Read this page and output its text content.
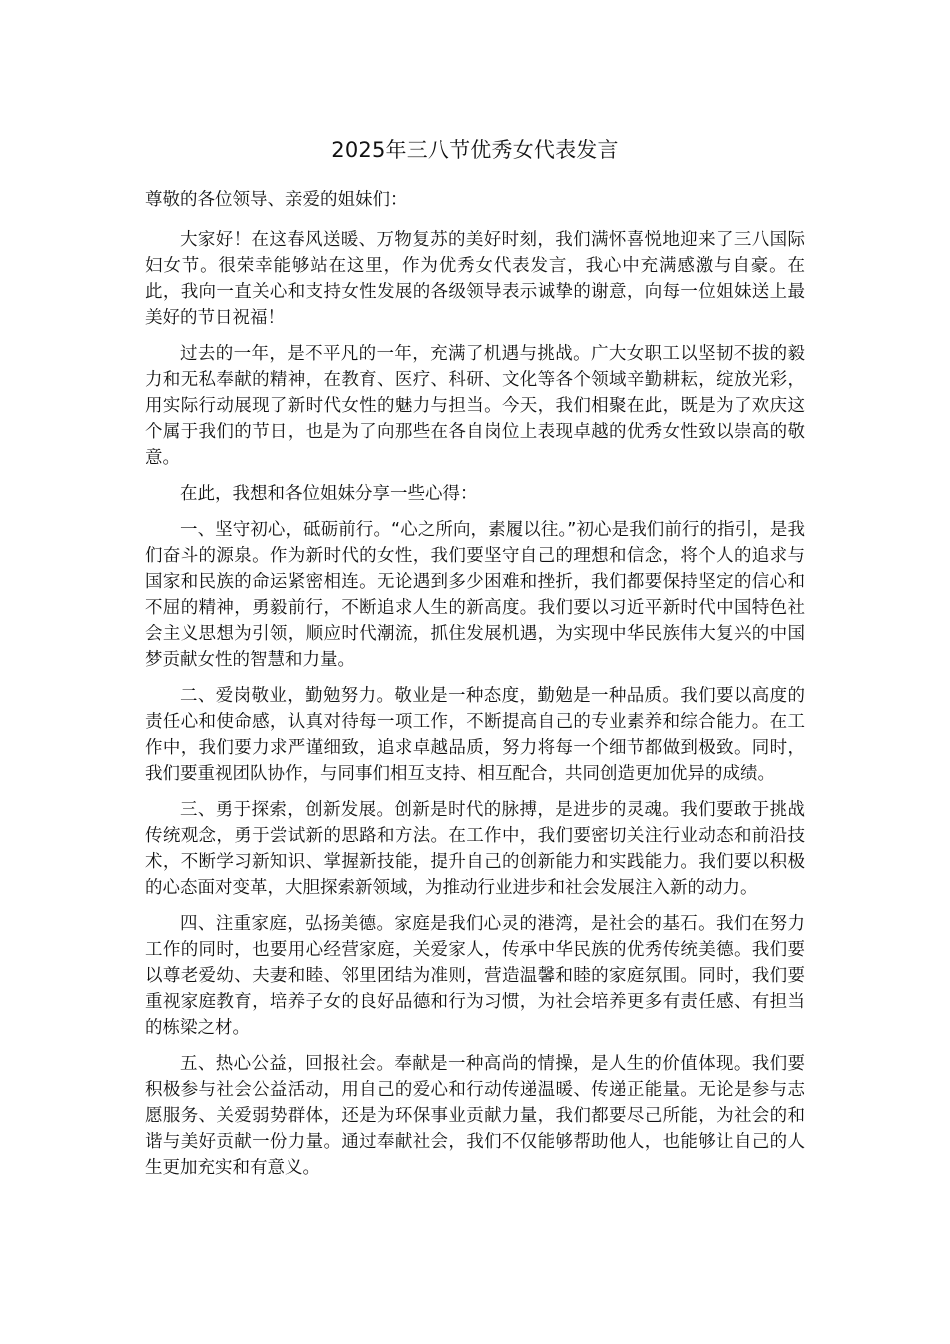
2025年三八节优秀女代表发言

尊敬的各位领导、亲爱的姐妹们：

大家好！在这春风送暖、万物复苏的美好时刻，我们满怀喜悦地迎来了三八国际妇女节。很荣幸能够站在这里，作为优秀女代表发言，我心中充满感激与自豪。在此，我向一直关心和支持女性发展的各级领导表示诚挚的谢意，向每一位姐妹送上最美好的节日祝福！

过去的一年，是不平凡的一年，充满了机遇与挑战。广大女职工以坚韧不拔的毅力和无私奉献的精神，在教育、医疗、科研、文化等各个领域辛勤耕耘，绽放光彩，用实际行动展现了新时代女性的魅力与担当。今天，我们相聚在此，既是为了欢庆这个属于我们的节日，也是为了向那些在各自岗位上表现卓越的优秀女性致以崇高的敬意。

在此，我想和各位姐妹分享一些心得：

一、坚守初心，砥砺前行。“心之所向，素履以往。”初心是我们前行的指引，是我们奋斗的源泉。作为新时代的女性，我们要坚守自己的理想和信念，将个人的追求与国家和民族的命运紧密相连。无论遇到多少困难和挫折，我们都要保持坚定的信心和不屈的精神，勇毅前行，不断追求人生的新高度。我们要以习近平新时代中国特色社会主义思想为引领，顺应时代潮流，抓住发展机遇，为实现中华民族伟大复兴的中国梦贡献女性的智慧和力量。

二、爱岗敬业，勤勉努力。敬业是一种态度，勤勉是一种品质。我们要以高度的责任心和使命感，认真对待每一项工作，不断提高自己的专业素养和综合能力。在工作中，我们要力求严谨细致，追求卓越品质，努力将每一个细节都做到极致。同时，我们要重视团队协作，与同事们相互支持、相互配合，共同创造更加优异的成绩。

三、勇于探索，创新发展。创新是时代的脉搏，是进步的灵魂。我们要敢于挑战传统观念，勇于尝试新的思路和方法。在工作中，我们要密切关注行业动态和前沿技术，不断学习新知识、掌握新技能，提升自己的创新能力和实践能力。我们要以积极的心态面对变革，大胆探索新领域，为推动行业进步和社会发展注入新的动力。

四、注重家庭，弘扬美德。家庭是我们心灵的港湾，是社会的基石。我们在努力工作的同时，也要用心经营家庭，关爱家人，传承中华民族的优秀传统美德。我们要以尊老爱幼、夫妻和睦、邻里团结为准则，营造温馨和睦的家庭氛围。同时，我们要重视家庭教育，培养子女的良好品德和行为习惯，为社会培养更多有责任感、有担当的栋梁之材。

五、热心公益，回报社会。奉献是一种高尚的情操，是人生的价值体现。我们要积极参与社会公益活动，用自己的爱心和行动传递温暖、传递正能量。无论是参与志愿服务、关爱弱势群体，还是为环保事业贡献力量，我们都要尽己所能，为社会的和谐与美好贡献一份力量。通过奉献社会，我们不仅能够帮助他人，也能够让自己的人生更加充实和有意义。
